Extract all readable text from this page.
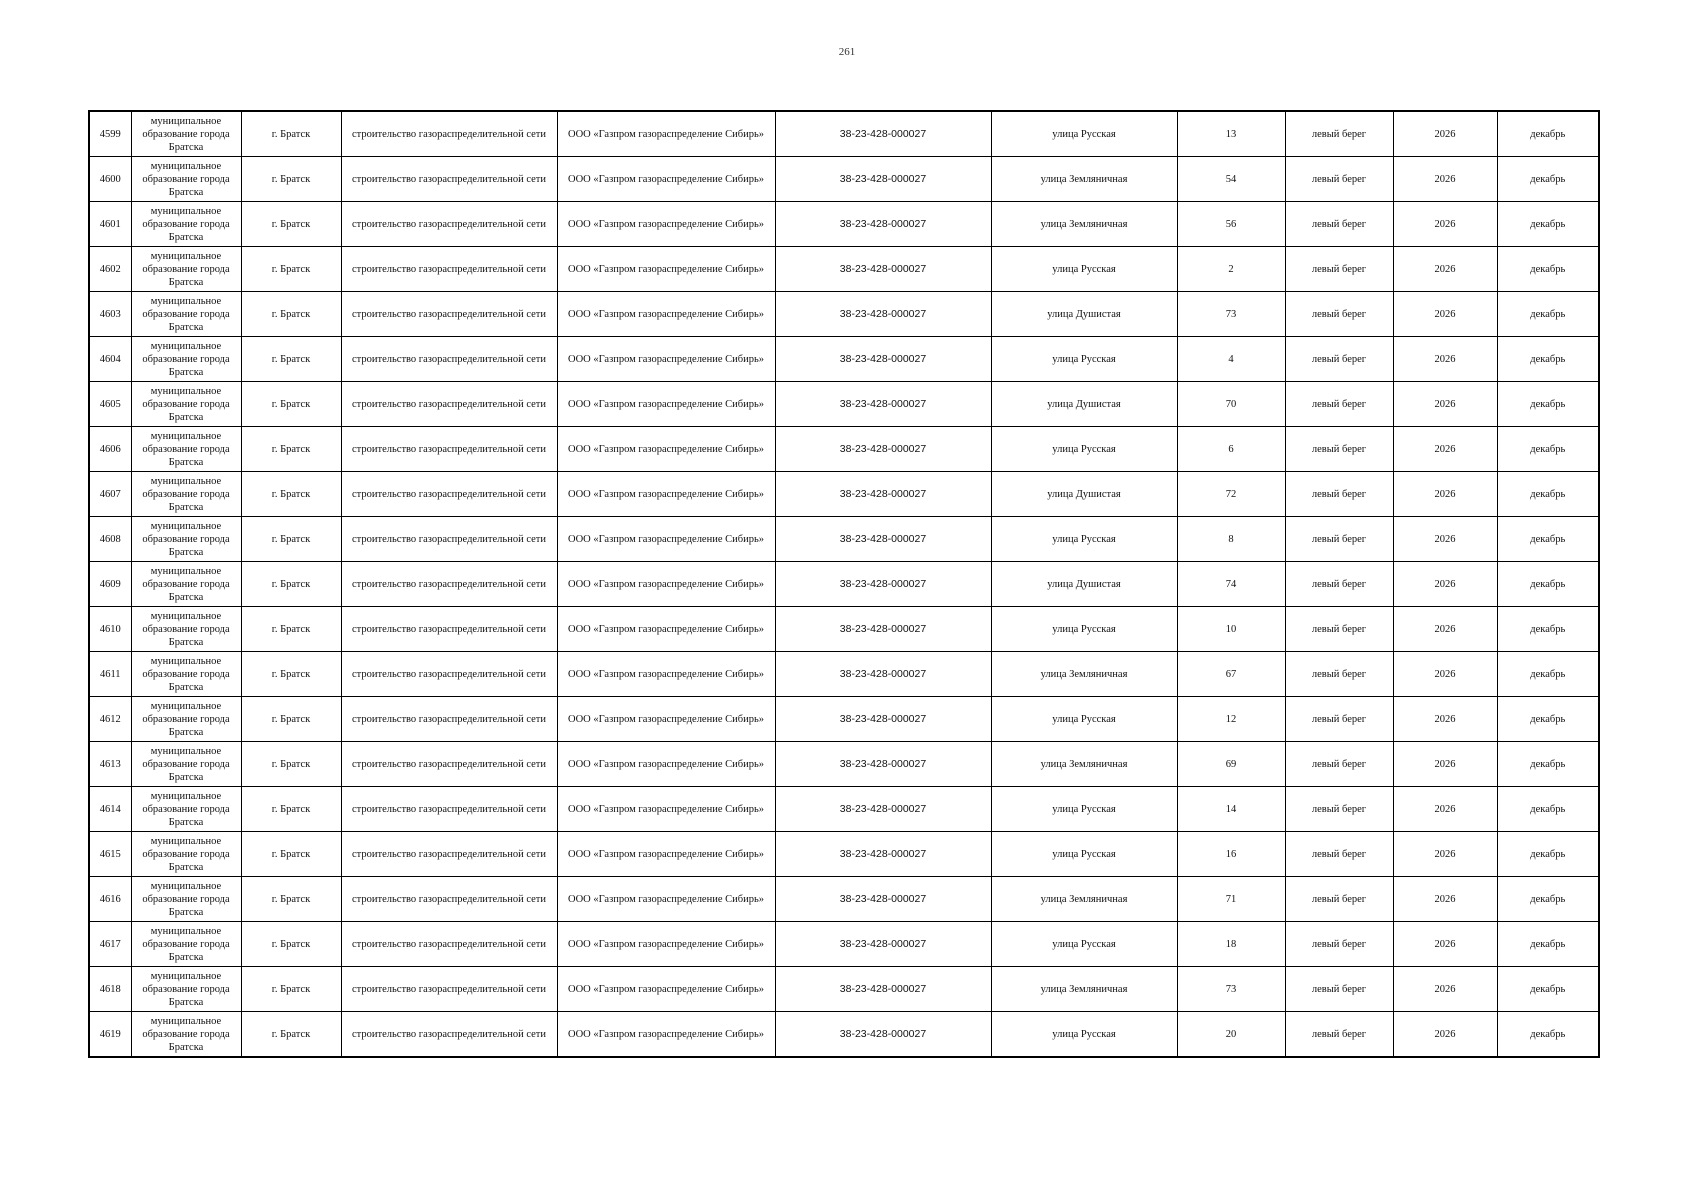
261
4599	муниципальное образование города Братска	г. Братск	строительство газораспределительной сети	ООО «Газпром газораспределение Сибирь»	38-23-428-000027	улица Русская	13	левый берег	2026	декабрь
4600	муниципальное образование города Братска	г. Братск	строительство газораспределительной сети	ООО «Газпром газораспределение Сибирь»	38-23-428-000027	улица Земляничная	54	левый берег	2026	декабрь
4601	муниципальное образование города Братска	г. Братск	строительство газораспределительной сети	ООО «Газпром газораспределение Сибирь»	38-23-428-000027	улица Земляничная	56	левый берег	2026	декабрь
4602	муниципальное образование города Братска	г. Братск	строительство газораспределительной сети	ООО «Газпром газораспределение Сибирь»	38-23-428-000027	улица Русская	2	левый берег	2026	декабрь
4603	муниципальное образование города Братска	г. Братск	строительство газораспределительной сети	ООО «Газпром газораспределение Сибирь»	38-23-428-000027	улица Душистая	73	левый берег	2026	декабрь
4604	муниципальное образование города Братска	г. Братск	строительство газораспределительной сети	ООО «Газпром газораспределение Сибирь»	38-23-428-000027	улица Русская	4	левый берег	2026	декабрь
4605	муниципальное образование города Братска	г. Братск	строительство газораспределительной сети	ООО «Газпром газораспределение Сибирь»	38-23-428-000027	улица Душистая	70	левый берег	2026	декабрь
4606	муниципальное образование города Братска	г. Братск	строительство газораспределительной сети	ООО «Газпром газораспределение Сибирь»	38-23-428-000027	улица Русская	6	левый берег	2026	декабрь
4607	муниципальное образование города Братска	г. Братск	строительство газораспределительной сети	ООО «Газпром газораспределение Сибирь»	38-23-428-000027	улица Душистая	72	левый берег	2026	декабрь
4608	муниципальное образование города Братска	г. Братск	строительство газораспределительной сети	ООО «Газпром газораспределение Сибирь»	38-23-428-000027	улица Русская	8	левый берег	2026	декабрь
4609	муниципальное образование города Братска	г. Братск	строительство газораспределительной сети	ООО «Газпром газораспределение Сибирь»	38-23-428-000027	улица Душистая	74	левый берег	2026	декабрь
4610	муниципальное образование города Братска	г. Братск	строительство газораспределительной сети	ООО «Газпром газораспределение Сибирь»	38-23-428-000027	улица Русская	10	левый берег	2026	декабрь
4611	муниципальное образование города Братска	г. Братск	строительство газораспределительной сети	ООО «Газпром газораспределение Сибирь»	38-23-428-000027	улица Земляничная	67	левый берег	2026	декабрь
4612	муниципальное образование города Братска	г. Братск	строительство газораспределительной сети	ООО «Газпром газораспределение Сибирь»	38-23-428-000027	улица Русская	12	левый берег	2026	декабрь
4613	муниципальное образование города Братска	г. Братск	строительство газораспределительной сети	ООО «Газпром газораспределение Сибирь»	38-23-428-000027	улица Земляничная	69	левый берег	2026	декабрь
4614	муниципальное образование города Братска	г. Братск	строительство газораспределительной сети	ООО «Газпром газораспределение Сибирь»	38-23-428-000027	улица Русская	14	левый берег	2026	декабрь
4615	муниципальное образование города Братска	г. Братск	строительство газораспределительной сети	ООО «Газпром газораспределение Сибирь»	38-23-428-000027	улица Русская	16	левый берег	2026	декабрь
4616	муниципальное образование города Братска	г. Братск	строительство газораспределительной сети	ООО «Газпром газораспределение Сибирь»	38-23-428-000027	улица Земляничная	71	левый берег	2026	декабрь
4617	муниципальное образование города Братска	г. Братск	строительство газораспределительной сети	ООО «Газпром газораспределение Сибирь»	38-23-428-000027	улица Русская	18	левый берег	2026	декабрь
4618	муниципальное образование города Братска	г. Братск	строительство газораспределительной сети	ООО «Газпром газораспределение Сибирь»	38-23-428-000027	улица Земляничная	73	левый берег	2026	декабрь
4619	муниципальное образование города Братска	г. Братск	строительство газораспределительной сети	ООО «Газпром газораспределение Сибирь»	38-23-428-000027	улица Русская	20	левый берег	2026	декабрь
